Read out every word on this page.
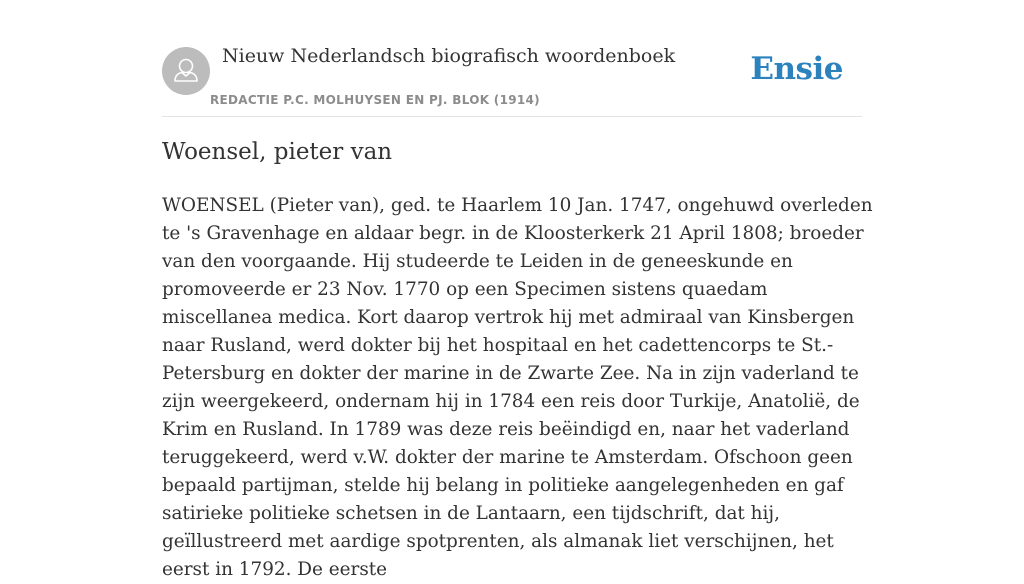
Nieuw Nederlandsch biografisch woordenboek
REDACTIE P.C. MOLHUYSEN EN PJ. BLOK (1914)
Ensie
Woensel, pieter van

WOENSEL (Pieter van), ged. te Haarlem 10 Jan. 1747, ongehuwd overleden te 's Gravenhage en aldaar begr. in de Kloosterkerk 21 April 1808; broeder van den voorgaande. Hij studeerde te Leiden in de geneeskunde en promoveerde er 23 Nov. 1770 op een Specimen sistens quaedam miscellanea medica. Kort daarop vertrok hij met admiraal van Kinsbergen naar Rusland, werd dokter bij het hospitaal en het cadettencorps te St.-Petersburg en dokter der marine in de Zwarte Zee. Na in zijn vaderland te zijn weergekeerd, ondernam hij in 1784 een reis door Turkije, Anatolië, de Krim en Rusland. In 1789 was deze reis beëindigd en, naar het vaderland teruggekeerd, werd v.W. dokter der marine te Amsterdam. Ofschoon geen bepaald partijman, stelde hij belang in politieke aangelegenheden en gaf satirieke politieke schetsen in de Lantaarn, een tijdschrift, dat hij, geïllustreerd met aardige spotprenten, als almanak liet verschijnen, het eerst in 1792. De eerste
